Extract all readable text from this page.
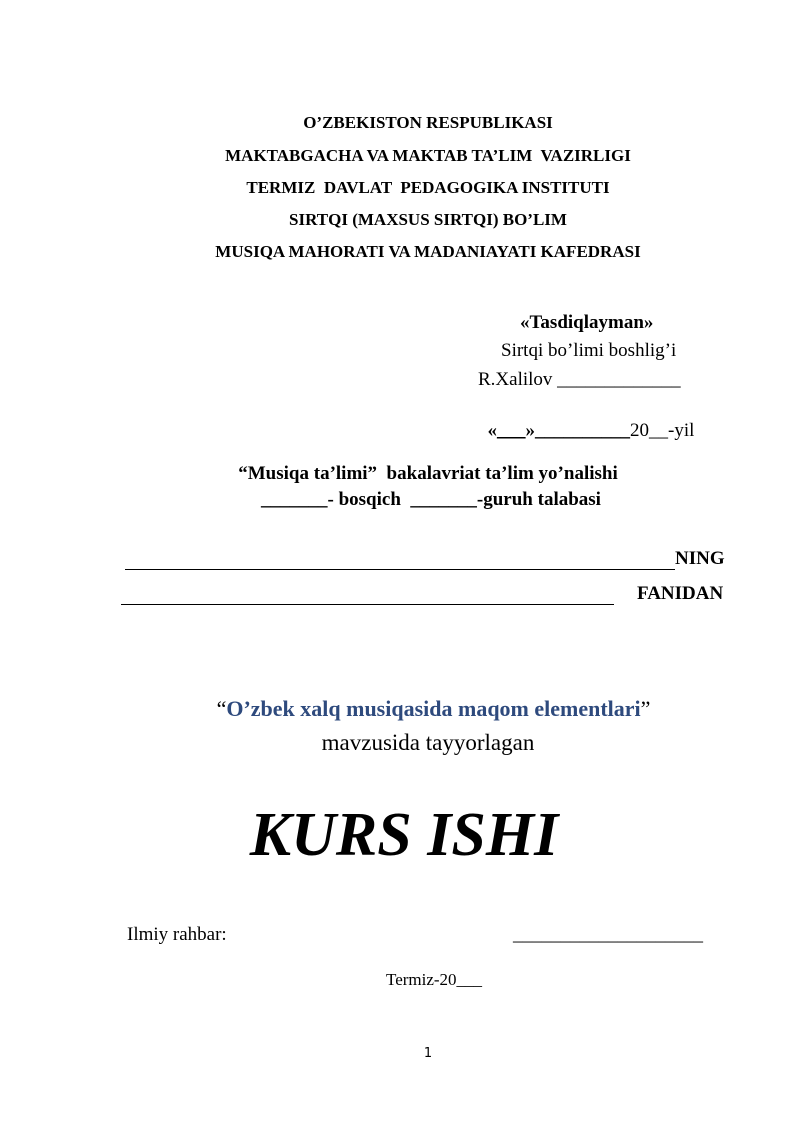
O’ZBEKISTON RESPUBLIKASI
MAKTABGACHA VA MAKTAB TA’LIM  VAZIRLIGI
TERMIZ  DAVLAT  PEDAGOGIKA INSTITUTI
SIRTQI (MAXSUS SIRTQI) BO’LIM
MUSIQA MAHORATI VA MADANIAYATI KAFEDRASI
«Tasdiqlayman»
Sirtqi bo’limi boshlig’i
R.Xalilov _____________

«___»__________20__-yil

“Musiqa ta’limi”  bakalavriat ta’lim yo’nalishi
_______- bosqich  _______-guruh talabasi
NING
FANIDAN

“O’zbek xalq musiqasida maqom elementlari”

mavzusida tayyorlagan
KURS ISHI
Ilmiy rahbar:	____________________
Termiz-20___
1
